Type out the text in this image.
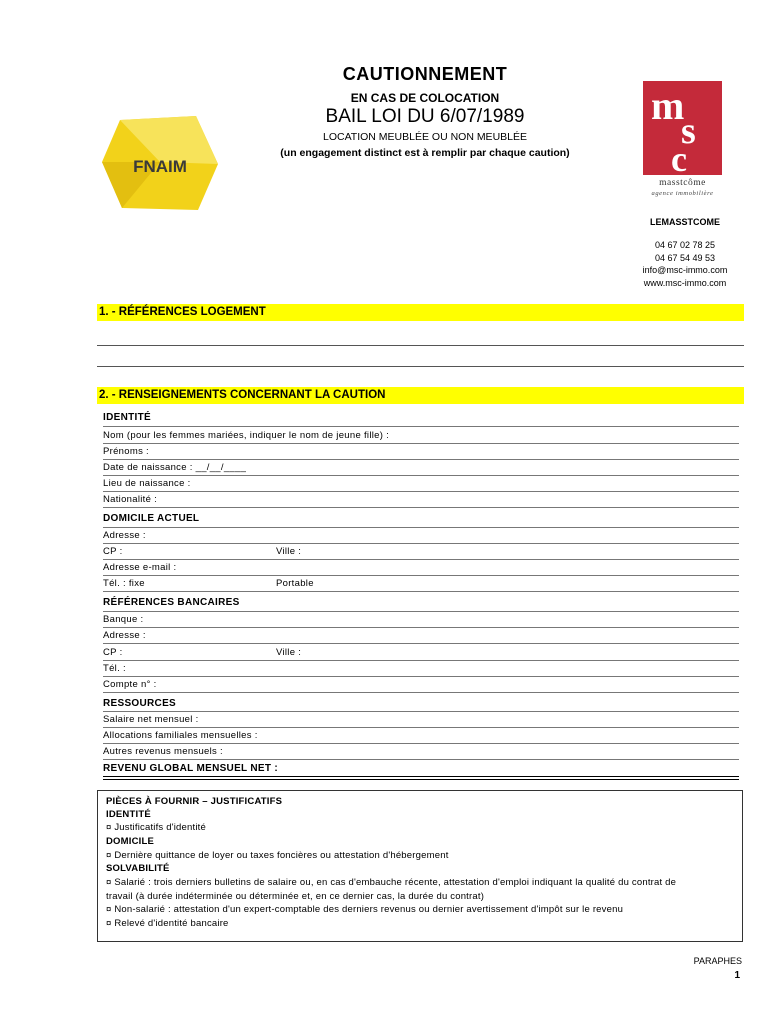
CAUTIONNEMENT
EN CAS DE COLOCATION
BAIL LOI DU 6/07/1989
LOCATION MEUBLÉE OU NON MEUBLÉE
(un engagement distinct est à remplir par chaque caution)
FNAIM
m
s
c
masstcôme
agence immobilière
LEMASSTCOME
04 67 02 78 25
04 67 54 49 53
info@msc-immo.com
www.msc-immo.com
1. - RÉFÉRENCES LOGEMENT
2. - RENSEIGNEMENTS CONCERNANT LA CAUTION
IDENTITÉ
Nom (pour les femmes mariées, indiquer le nom de jeune fille) :
Prénoms :
Date de naissance : __/__/____
Lieu de naissance :
Nationalité :
DOMICILE ACTUEL
Adresse :
CP :	Ville :
Adresse e-mail :
Tél. : fixe	Portable
RÉFÉRENCES BANCAIRES
Banque :
Adresse :
CP :	Ville :
Tél. :
Compte n° :
RESSOURCES
Salaire net mensuel :
Allocations familiales mensuelles :
Autres revenus mensuels :
REVENU GLOBAL MENSUEL NET :
PIÈCES À FOURNIR – JUSTIFICATIFS
IDENTITÉ
¤ Justificatifs d'identité
DOMICILE
¤ Dernière quittance de loyer ou taxes foncières ou attestation d'hébergement
SOLVABILITÉ
¤ Salarié : trois derniers bulletins de salaire ou, en cas d'embauche récente, attestation d'emploi indiquant la qualité du contrat de
travail (à durée indéterminée ou déterminée et, en ce dernier cas, la durée du contrat)
¤ Non-salarié : attestation d'un expert-comptable des derniers revenus ou dernier avertissement d'impôt sur le revenu
¤ Relevé d'identité bancaire
PARAPHES
1
